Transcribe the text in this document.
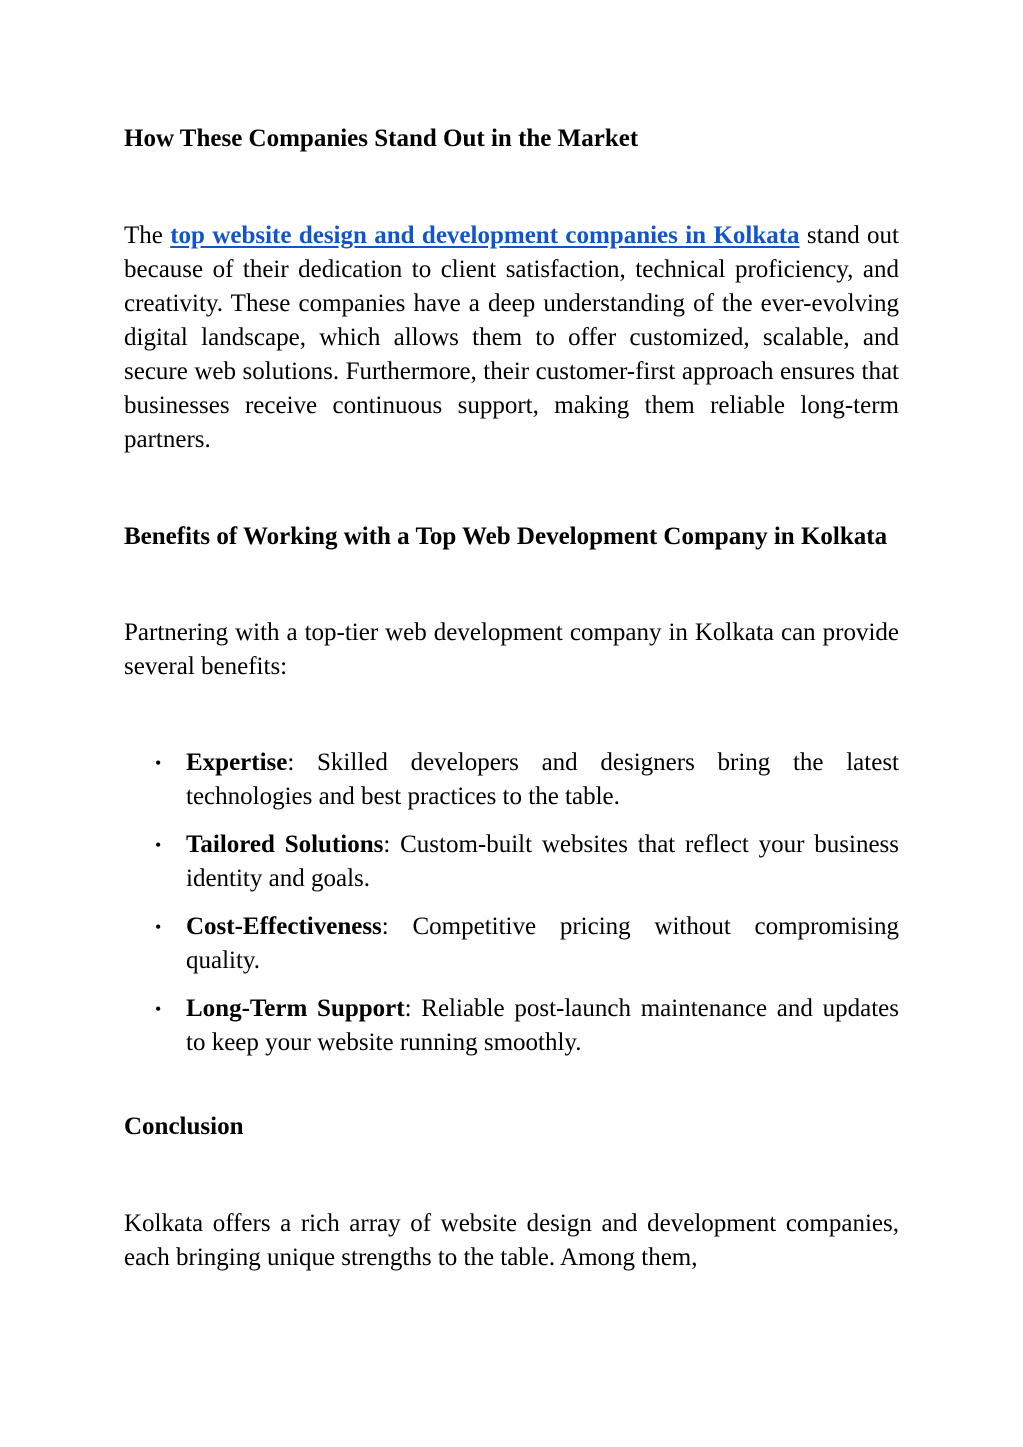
How These Companies Stand Out in the Market

The top website design and development companies in Kolkata stand out because of their dedication to client satisfaction, technical proficiency, and creativity. These companies have a deep understanding of the ever-evolving digital landscape, which allows them to offer customized, scalable, and secure web solutions. Furthermore, their customer-first approach ensures that businesses receive continuous support, making them reliable long-term partners.

Benefits of Working with a Top Web Development Company in Kolkata

Partnering with a top-tier web development company in Kolkata can provide several benefits:

• Expertise: Skilled developers and designers bring the latest technologies and best practices to the table.
• Tailored Solutions: Custom-built websites that reflect your business identity and goals.
• Cost-Effectiveness: Competitive pricing without compromising quality.
• Long-Term Support: Reliable post-launch maintenance and updates to keep your website running smoothly.
Conclusion

Kolkata offers a rich array of website design and development companies, each bringing unique strengths to the table. Among them,
